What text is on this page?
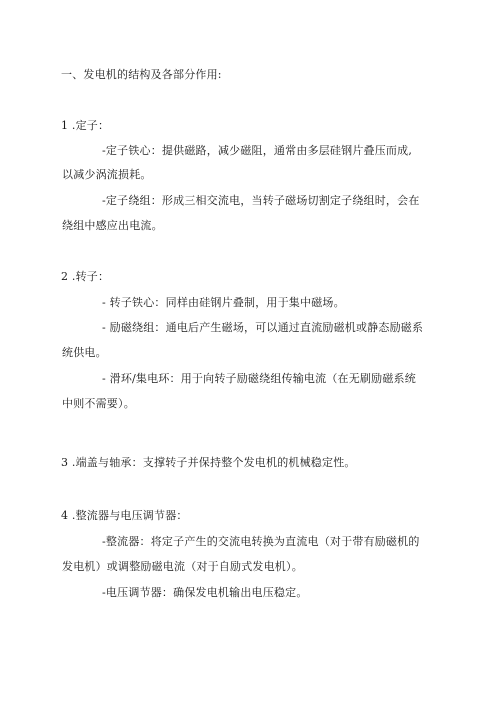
一、发电机的结构及各部分作用:
1 .定子：
-定子铁心：提供磁路，减少磁阻，通常由多层硅钢片叠压而成,
以减少涡流损耗。
-定子绕组：形成三相交流电，当转子磁场切割定子绕组时，会在
绕组中感应出电流。
2 .转子：
- 转子铁心：同样由硅钢片叠制，用于集中磁场。
- 励磁绕组：通电后产生磁场，可以通过直流励磁机或静态励磁系
统供电。
- 滑环/集电环：用于向转子励磁绕组传输电流（在无刷励磁系统
中则不需要）。
3 .端盖与轴承：支撑转子并保持整个发电机的机械稳定性。
4 .整流器与电压调节器：
-整流器：将定子产生的交流电转换为直流电（对于带有励磁机的
发电机）或调整励磁电流（对于自励式发电机）。
-电压调节器：确保发电机输出电压稳定。
